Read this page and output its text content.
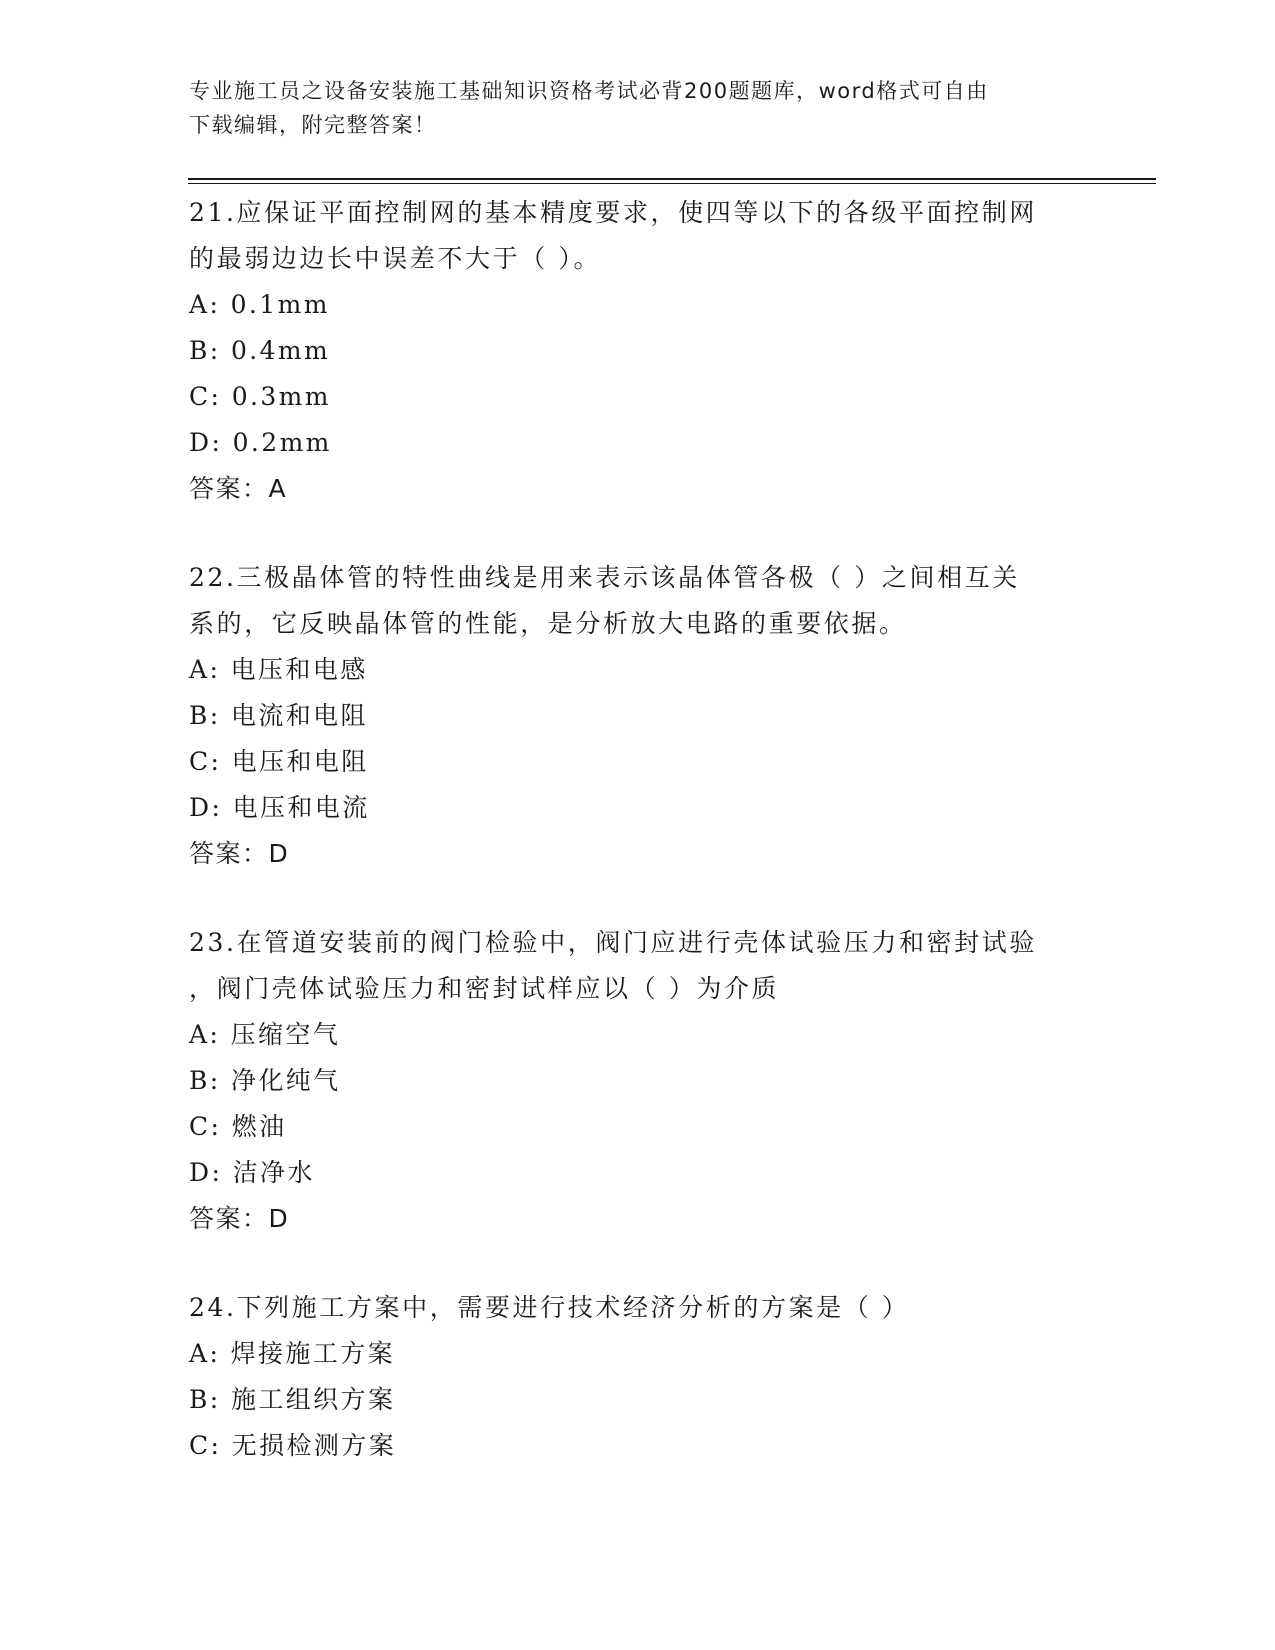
专业施工员之设备安装施工基础知识资格考试必背200题题库，word格式可自由
下载编辑，附完整答案！
21.应保证平面控制网的基本精度要求，使四等以下的各级平面控制网
的最弱边边长中误差不大于（ ）。
A: 0.1mm
B: 0.4mm
C: 0.3mm
D: 0.2mm
答案：A
22.三极晶体管的特性曲线是用来表示该晶体管各极（ ）之间相互关
系的，它反映晶体管的性能，是分析放大电路的重要依据。
A: 电压和电感
B: 电流和电阻
C: 电压和电阻
D: 电压和电流
答案：D
23.在管道安装前的阀门检验中，阀门应进行壳体试验压力和密封试验
，阀门壳体试验压力和密封试样应以（ ）为介质
A: 压缩空气
B: 净化纯气
C: 燃油
D: 洁净水
答案：D
24.下列施工方案中，需要进行技术经济分析的方案是（ ）
A: 焊接施工方案
B: 施工组织方案
C: 无损检测方案
